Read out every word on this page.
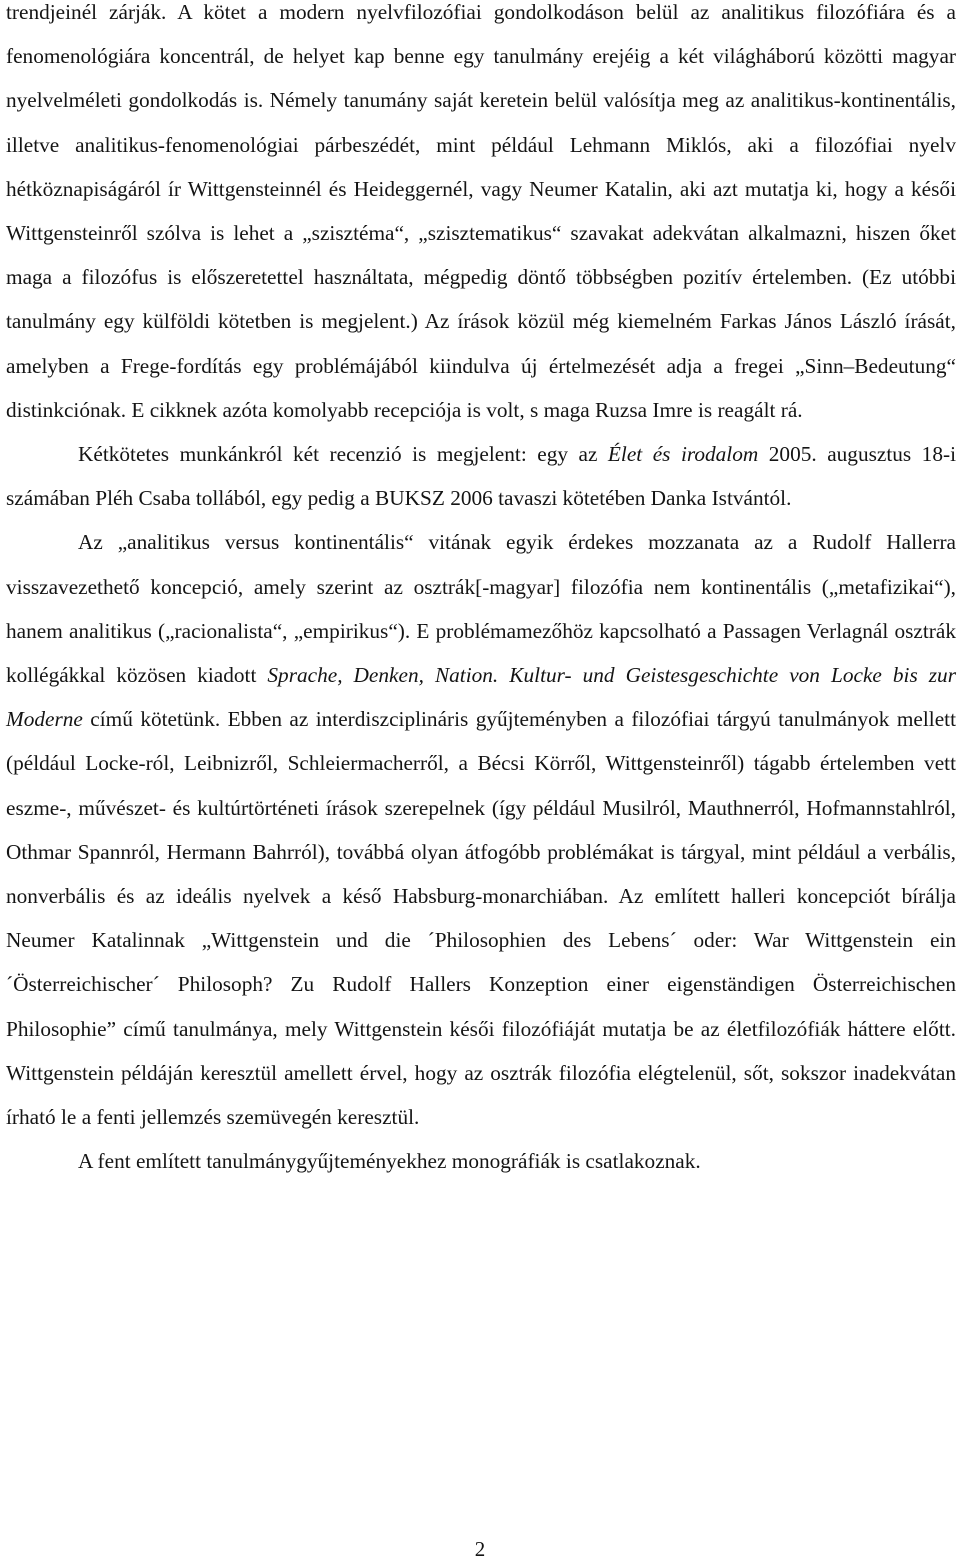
trendjeinél zárják. A kötet a modern nyelvfilozófiai gondolkodáson belül az analitikus filozófiára és a fenomenológiára koncentrál, de helyet kap benne egy tanulmány erejéig a két világháború közötti magyar nyelvelméleti gondolkodás is. Némely tanumány saját keretein belül valósítja meg az analitikus-kontinentális, illetve analitikus-fenomenológiai párbeszédét, mint például Lehmann Miklós, aki a filozófiai nyelv hétköznapiságáról ír Wittgensteinnél és Heideggernél, vagy Neumer Katalin, aki azt mutatja ki, hogy a késői Wittgensteinről szólva is lehet a „szisztéma“, „szisztematikus“ szavakat adekvátan alkalmazni, hiszen őket maga a filozófus is előszeretettel használtata, mégpedig döntő többségben pozitív értelemben. (Ez utóbbi tanulmány egy külföldi kötetben is megjelent.) Az írások közül még kiemelném Farkas János László írását, amelyben a Frege-fordítás egy problémájából kiindulva új értelmezését adja a fregei „Sinn–Bedeutung“ distinkciónak. E cikknek azóta komolyabb recepciója is volt, s maga Ruzsa Imre is reagált rá.

Kétkötetes munkánkról két recenzió is megjelent: egy az Élet és irodalom 2005. augusztus 18-i számában Pléh Csaba tollából, egy pedig a BUKSZ 2006 tavaszi kötetében Danka Istvántól.

Az „analitikus versus kontinentális“ vitának egyik érdekes mozzanata az a Rudolf Hallerra visszavezethető koncepció, amely szerint az osztrák[-magyar] filozófia nem kontinentális („metafizikai“), hanem analitikus („racionalista“, „empirikus“). E problémamezőhöz kapcsolható a Passagen Verlagnál osztrák kollégákkal közösen kiadott Sprache, Denken, Nation. Kultur- und Geistesgeschichte von Locke bis zur Moderne című kötetünk. Ebben az interdiszciplináris gyűjteményben a filozófiai tárgyú tanulmányok mellett (például Locke-ról, Leibnizről, Schleiermacherről, a Bécsi Körről, Wittgensteinről) tágabb értelemben vett eszme-, művészet- és kultúrtörténeti írások szerepelnek (így például Musilról, Mauthnerról, Hofmannstahlról, Othmar Spannról, Hermann Bahrról), továbbá olyan átfogóbb problémákat is tárgyal, mint például a verbális, nonverbális és az ideális nyelvek a késő Habsburg-monarchiában. Az említett halleri koncepciót bírálja Neumer Katalinnak „Wittgenstein und die ´Philosophien des Lebens´ oder: War Wittgenstein ein ´Österreichischer´ Philosoph? Zu Rudolf Hallers Konzeption einer eigenständigen Österreichischen Philosophie” című tanulmánya, mely Wittgenstein késői filozófiáját mutatja be az életfilozófiák háttere előtt. Wittgenstein példáján keresztül amellett érvel, hogy az osztrák filozófia elégtelenül, sőt, sokszor inadekvátan írható le a fenti jellemzés szemüvegén keresztül.

A fent említett tanulmánygyűjteményekhez monográfiák is csatlakoznak.

2
